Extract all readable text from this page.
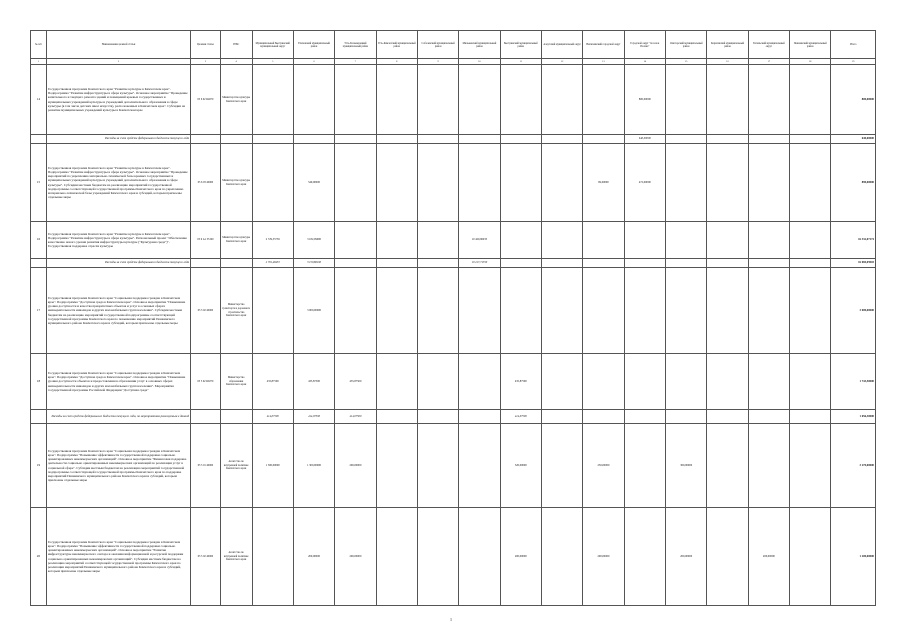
№ п/п	Наименование целевой статьи	Целевая статья	ГРБС	Муниципальный Быстринский муниципальный округ	Елизовский муниципальный район	Усть-Большерецкий муниципальный район	Усть-Камчатский муниципальный район	Соболевский муниципальный район	Мильковский муниципальный район	Быстринский муниципальный район	Алеутский муниципальный округ	Вилючинский городской округ	Городской округ "поселок Палана"	Олюторский муниципальный район	Карагинский муниципальный район	Тигильский муниципальный округ	Пенжинский муниципальный район	Итого
1	2	3	4	5	6	7	8	9	10	11	12	13	14	15	16	17	18	19
14	Государственная программа Камчатского края "Развитие культуры в Камчатском крае". Подпрограмма "Развитие инфраструктуры в сфере культуры". Основное мероприятие "Проведение капитального и текущего ремонта зданий и помещений краевых государственных и муниципальных учреждений культуры и учреждений дополнительного образования в сфере культуры (в том числе детских школ искусств), расположенных в Камчатском крае". Субсидии на развитие муниципальных учреждений культуры в Камчатском крае	05 6 02 R4670	Министерство культуры Камчатского края										800,00000					800,00000
	Расходы за счет средств федерального бюджета текущего года												640,00000					640,00000
15	Государственная программа Камчатского края "Развитие культуры в Камчатском крае". Подпрограмма "Развитие инфраструктуры в сфере культуры". Основное мероприятие "Проведение мероприятий по укреплению материально-технической базы краевых государственных и муниципальных учреждений культуры и учреждений дополнительного образования в сфере культуры". Субсидии местным бюджетам на реализацию мероприятий государственной подпрограммы соответствующей государственной программы Камчатского края по укреплению материально-технической базы учреждений Камчатского края и субсидий, которым присвоены отдельные меры	05 6 03 40000	Министерство культуры Камчатского края		549,00000							69,00000	472,00000					890,00000
16	Государственная программа Камчатского края "Развитие культуры в Камчатском крае". Подпрограмма "Развитие инфраструктуры в сфере культуры". Региональный проект "Обеспечение качественно нового уровня развития инфраструктуры культуры ("Культурная среда")". Государственная поддержка отрасли культуры	05 6 А1 55190	Министерство культуры Камчатского края	2 729,35739	3 182,09000				10 420,96035									16 332,07174
	Расходы за счет средств федерального бюджета текущего года			2 701,48453	3 150,86100				10 217,71350									16 069,05903
17	Государственная программа Камчатского края "Социальная поддержка граждан в Камчатском крае". Подпрограмма "Доступная среда в Камчатском крае". Основное мероприятие "Повышение уровня доступности и качества приоритетных объектов и услуг в основных сферах жизнедеятельности инвалидов и других маломобильных групп населения". Субсидии местным бюджетам на реализацию мероприятий государственной подпрограммы соответствующей государственной программы Камчатского края по повышению мероприятий Пенжинского муниципального района Камчатского края и субсидий, которым присвоены отдельные меры	03 3 02 40000	Министерство транспорта и дорожного строительства Камчатского края		3 000,00000													3 000,00000
18	Государственная программа Камчатского края "Социальная поддержка граждан в Камчатском крае". Подпрограмма "Доступная среда в Камчатском крае". Основное мероприятие "Повышение уровня доступности объектов и предоставления в образовании услуг в основных сферах жизнедеятельности инвалидов и других маломобильных групп населения". Мероприятия государственной программы Российской Федерации "Доступная среда"	03 3 02 R0270	Министерство образования Камчатского края	435,87500	435,87500	435,87500				435,87500								1 743,50000
	Расходы за счет средств федерального бюджета текущего года, по мероприятиям реализуемым в данной			414,07500	414,07500	414,07500				414,07500								1 656,30000
19	Государственная программа Камчатского края "Социальная поддержка граждан в Камчатском крае". Подпрограмма "Повышение эффективности государственной поддержки социально ориентированных некоммерческих организаций". Основное мероприятие "Финансовая поддержка деятельности социально ориентированных некоммерческих организаций по реализации услуг в социальной сфере". Субсидии местным бюджетам на реализацию мероприятий государственной подпрограммы соответствующей государственной программы Камчатского края по поддержке мероприятий Пенжинского муниципального района Камчатского края и субсидий, которым присвоены отдельные меры	03 5 01 40000	Агентство по внутренней политике Камчатского края	1 300,00000	1 300,00000	200,00000				320,00000		250,00000		300,00000				3 270,00000
20	Государственная программа Камчатского края "Социальная поддержка граждан в Камчатском крае". Подпрограмма "Повышение эффективности государственной поддержки социально ориентированных некоммерческих организаций". Основное мероприятие "Развитие инфраструктуры некоммерческого сектора и оказания информационной и ресурсной поддержки социально ориентированных некоммерческих организаций". Субсидии местным бюджетам на реализацию мероприятий соответствующей государственной программы Камчатского края по реализации мероприятий Пенжинского муниципального района Камчатского края и субсидий, которым присвоены отдельные меры	03 5 02 40000	Агентство по внутренней политике Камчатского края		200,00000	200,00000				200,00000		200,00000		200,00000		200,00000		1 200,00000
1
